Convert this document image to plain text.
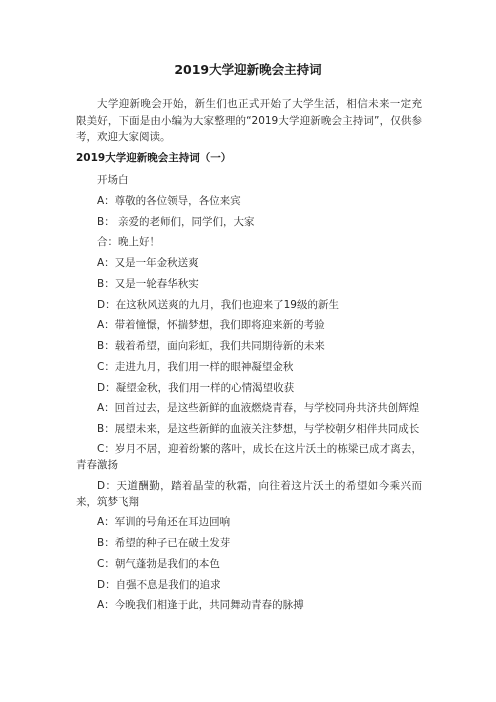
2019大学迎新晚会主持词
大学迎新晚会开始，新生们也正式开始了大学生活，相信未来一定充限美好，下面是由小编为大家整理的“2019大学迎新晚会主持词”，仅供参考，欢迎大家阅读。
2019大学迎新晚会主持词（一）
开场白
A：尊敬的各位领导，各位来宾
B： 亲爱的老师们，同学们，大家
合：晚上好！
A：又是一年金秋送爽
B：又是一轮春华秋实
D：在这秋风送爽的九月，我们也迎来了19级的新生
A：带着憧憬，怀揣梦想，我们即将迎来新的考验
B：载着希望，面向彩虹，我们共同期待新的未来
C：走进九月，我们用一样的眼神凝望金秋
D：凝望金秋，我们用一样的心情渴望收获
A：回首过去，是这些新鲜的血液燃烧青春，与学校同舟共济共创辉煌
B：展望未来，是这些新鲜的血液关注梦想，与学校朝夕相伴共同成长
C：岁月不居，迎着纷繁的落叶，成长在这片沃土的栋梁已成才离去，青春激扬
D：天道酬勤，踏着晶莹的秋霜，向往着这片沃土的希望如今乘兴而来，筑梦飞翔
A：军训的号角还在耳边回响
B：希望的种子已在破土发芽
C：朝气蓬勃是我们的本色
D：自强不息是我们的追求
A：今晚我们相逢于此，共同舞动青春的脉搏
